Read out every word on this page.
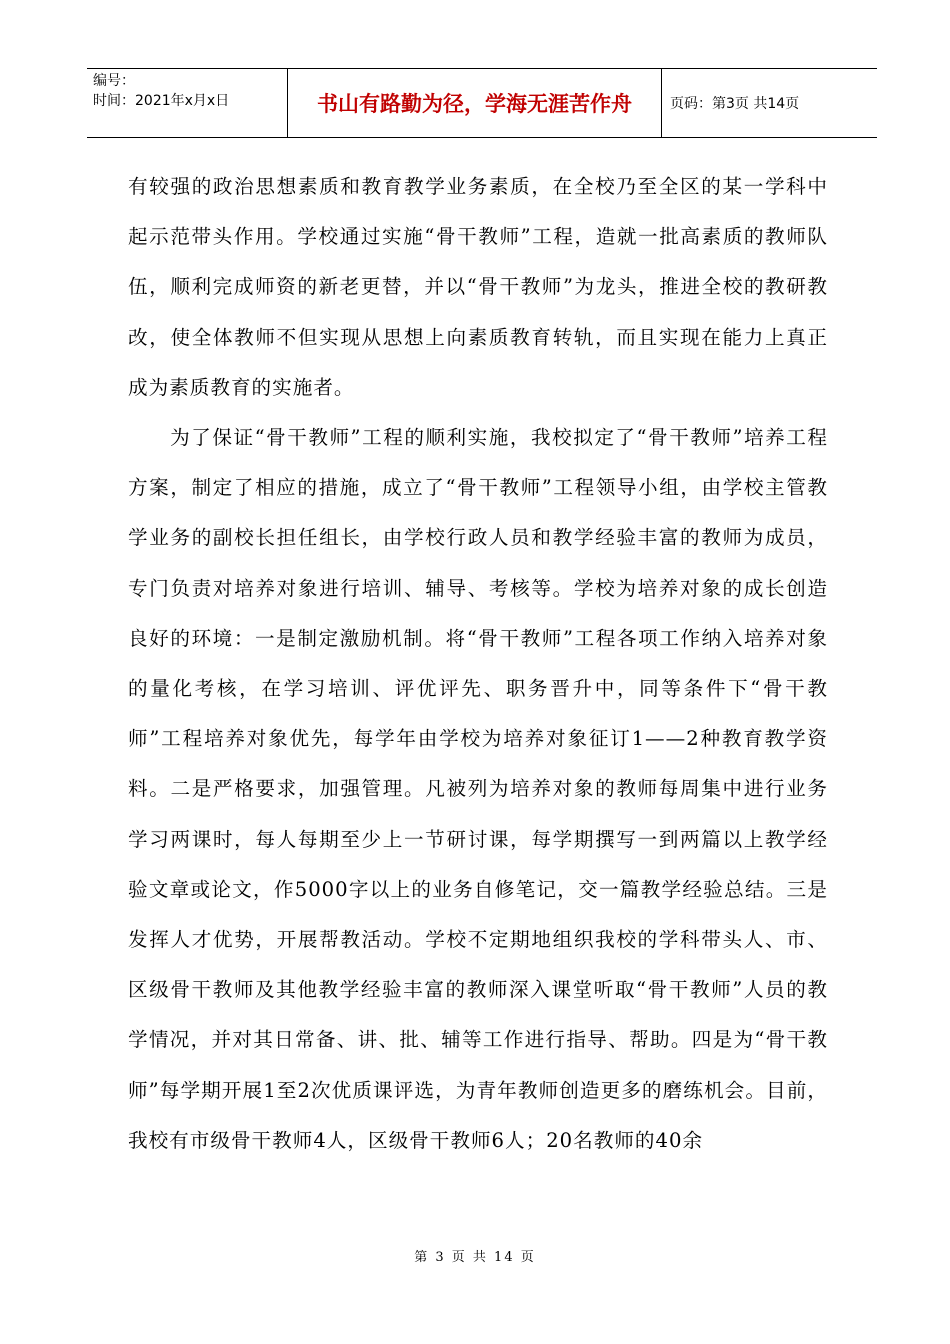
编号：
时间：2021年x月x日	书山有路勤为径，学海无涯苦作舟	页码：第3页 共14页

有较强的政治思想素质和教育教学业务素质，在全校乃至全区的某一学科中起示范带头作用。学校通过实施“骨干教师”工程，造就一批高素质的教师队伍，顺利完成师资的新老更替，并以“骨干教师”为龙头，推进全校的教研教改，使全体教师不但实现从思想上向素质教育转轨，而且实现在能力上真正成为素质教育的实施者。

为了保证“骨干教师”工程的顺利实施，我校拟定了“骨干教师”培养工程方案，制定了相应的措施，成立了“骨干教师”工程领导小组，由学校主管教学业务的副校长担任组长，由学校行政人员和教学经验丰富的教师为成员，专门负责对培养对象进行培训、辅导、考核等。学校为培养对象的成长创造良好的环境：一是制定激励机制。将“骨干教师”工程各项工作纳入培养对象的量化考核，在学习培训、评优评先、职务晋升中，同等条件下“骨干教师”工程培养对象优先，每学年由学校为培养对象征订1——2种教育教学资料。二是严格要求，加强管理。凡被列为培养对象的教师每周集中进行业务学习两课时，每人每期至少上一节研讨课，每学期撰写一到两篇以上教学经验文章或论文，作5000字以上的业务自修笔记，交一篇教学经验总结。三是发挥人才优势，开展帮教活动。学校不定期地组织我校的学科带头人、市、区级骨干教师及其他教学经验丰富的教师深入课堂听取“骨干教师”人员的教学情况，并对其日常备、讲、批、辅等工作进行指导、帮助。四是为“骨干教师”每学期开展1至2次优质课评选，为青年教师创造更多的磨练机会。目前，我校有市级骨干教师4人，区级骨干教师6人；20名教师的40余

第 3 页 共 14 页
